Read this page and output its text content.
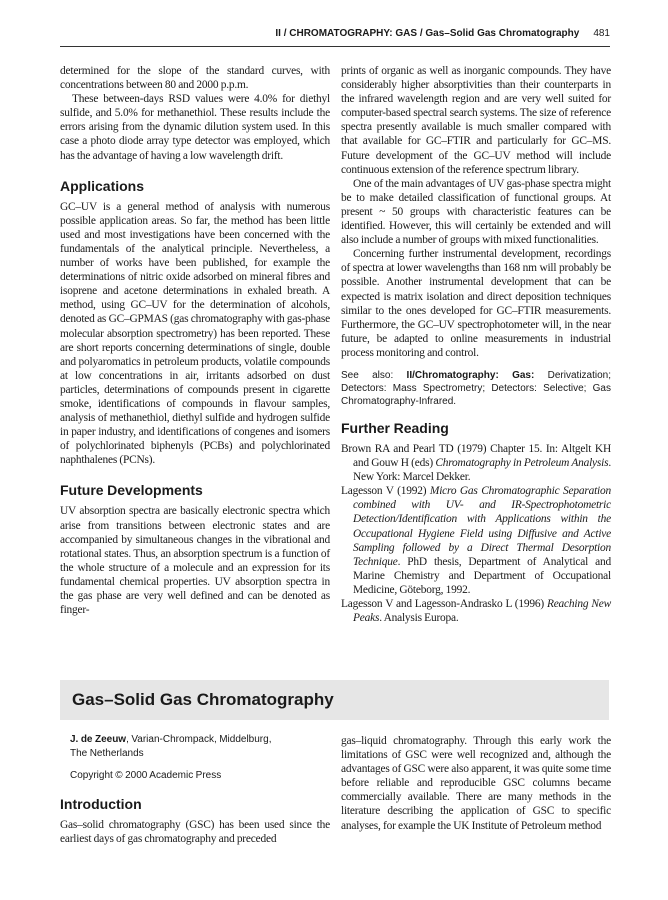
II / CHROMATOGRAPHY: GAS / Gas–Solid Gas Chromatography 481

determined for the slope of the standard curves, with concentrations between 80 and 2000 p.p.m.

These between-days RSD values were 4.0% for diethyl sulfide, and 5.0% for methanethiol. These results include the errors arising from the dynamic dilution system used. In this case a photo diode array type detector was employed, which has the advantage of having a low wavelength drift.

Applications

GC–UV is a general method of analysis with numerous possible application areas. So far, the method has been little used and most investigations have been concerned with the fundamentals of the analytical principle. Nevertheless, a number of works have been published, for example the determinations of nitric oxide adsorbed on mineral fibres and isoprene and acetone determinations in exhaled breath. A method, using GC–UV for the determination of alcohols, denoted as GC–GPMAS (gas chromatography with gas-phase molecular absorption spectrometry) has been reported. These are short reports concerning determinations of single, double and polyaromatics in petroleum products, volatile compounds at low concentrations in air, irritants adsorbed on dust particles, determinations of compounds present in cigarette smoke, identifications of compounds in flavour samples, analysis of methanethiol, diethyl sulfide and hydrogen sulfide in paper industry, and identifications of congenes and isomers of polychlorinated biphenyls (PCBs) and polychlorinated naphthalenes (PCNs).

Future Developments

UV absorption spectra are basically electronic spectra which arise from transitions between electronic states and are accompanied by simultaneous changes in the vibrational and rotational states. Thus, an absorption spectrum is a function of the whole structure of a molecule and an expression for its fundamental chemical properties. UV absorption spectra in the gas phase are very well defined and can be denoted as finger-

prints of organic as well as inorganic compounds. They have considerably higher absorptivities than their counterparts in the infrared wavelength region and are very well suited for computer-based spectral search systems. The size of reference spectra presently available is much smaller compared with that available for GC–FTIR and particularly for GC–MS. Future development of the GC–UV method will include continuous extension of the reference spectrum library.

One of the main advantages of UV gas-phase spectra might be to make detailed classification of functional groups. At present ~ 50 groups with characteristic features can be identified. However, this will certainly be extended and will also include a number of groups with mixed functionalities.

Concerning further instrumental development, recordings of spectra at lower wavelengths than 168 nm will probably be possible. Another instrumental development that can be expected is matrix isolation and direct deposition techniques similar to the ones developed for GC–FTIR measurements. Furthermore, the GC–UV spectrophotometer will, in the near future, be adapted to online measurements in industrial process monitoring and control.

See also: II/Chromatography: Gas: Derivatization; Detectors: Mass Spectrometry; Detectors: Selective; Gas Chromatography-Infrared.
Further Reading

Brown RA and Pearl TD (1979) Chapter 15. In: Altgelt KH and Gouw H (eds) Chromatography in Petroleum Analysis. New York: Marcel Dekker.

Lagesson V (1992) Micro Gas Chromatographic Separation combined with UV- and IR-Spectrophotometric Detection/Identification with Applications within the Occupational Hygiene Field using Diffusive and Active Sampling followed by a Direct Thermal Desorption Technique. PhD thesis, Department of Analytical and Marine Chemistry and Department of Occupational Medicine, Göteborg, 1992.

Lagesson V and Lagesson-Andrasko L (1996) Reaching New Peaks. Analysis Europa.

Gas–Solid Gas Chromatography
J. de Zeeuw, Varian-Chrompack, Middelburg, The Netherlands
Copyright © 2000 Academic Press
Introduction

Gas–solid chromatography (GSC) has been used since the earliest days of gas chromatography and preceded

gas–liquid chromatography. Through this early work the limitations of GSC were well recognized and, although the advantages of GSC were also apparent, it was quite some time before reliable and reproducible GSC columns became commercially available. There are many methods in the literature describing the application of GSC to specific analyses, for example the UK Institute of Petroleum method
